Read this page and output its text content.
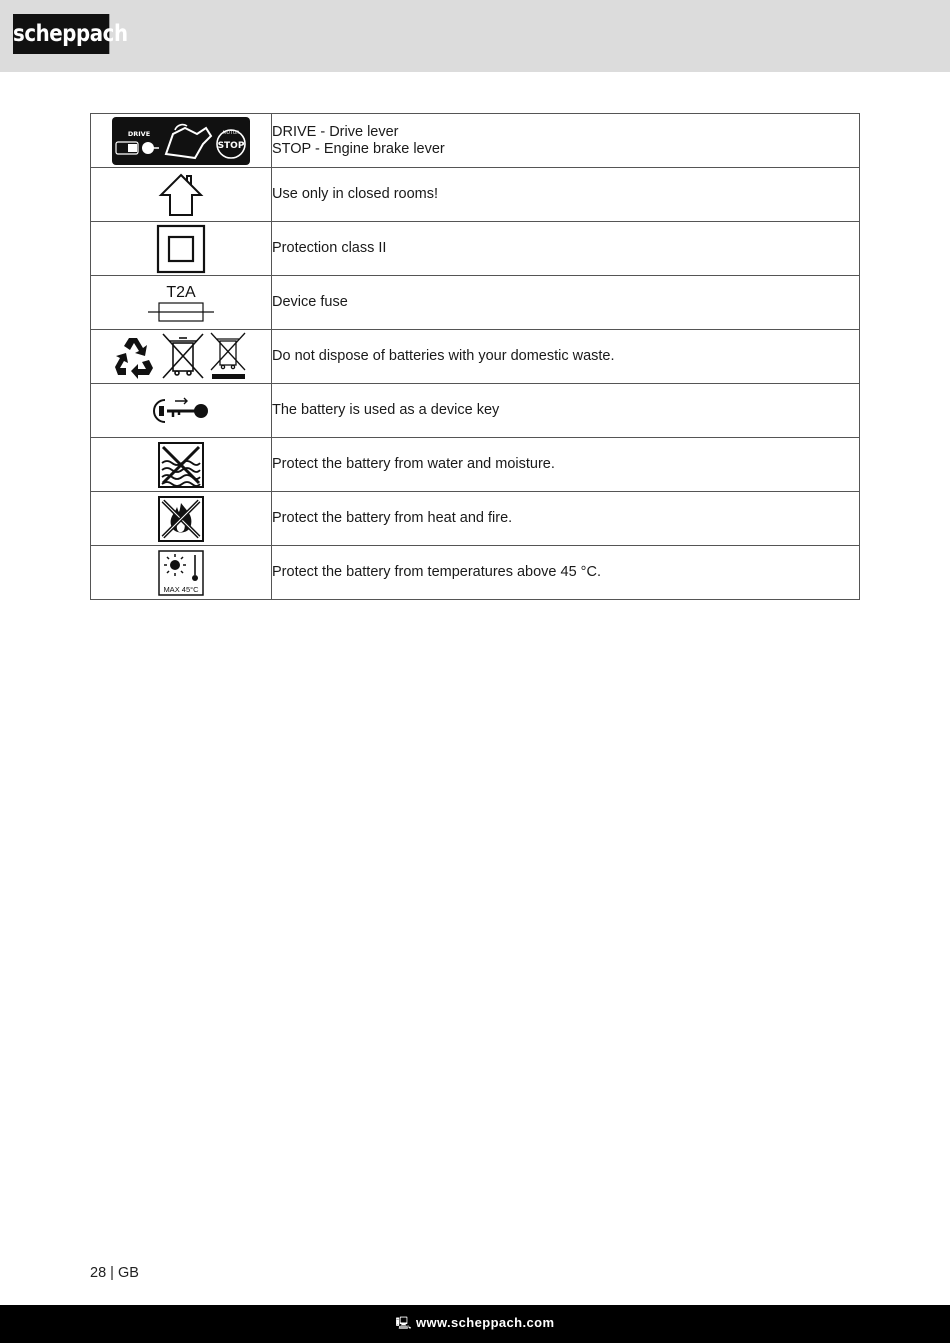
scheppach
DRIVE MOTOR
STOP	DRIVE - Drive lever
STOP - Engine brake lever

	Use only in closed rooms!

	Protection class II

T2A	Device fuse

	Do not dispose of batteries with your domestic waste.

	The battery is used as a device key

	Protect the battery from water and moisture.

	Protect the battery from heat and fire.

MAX 45°C	Protect the battery from temperatures above 45 °C.
28 | GB
🖳︎ www.scheppach.com
